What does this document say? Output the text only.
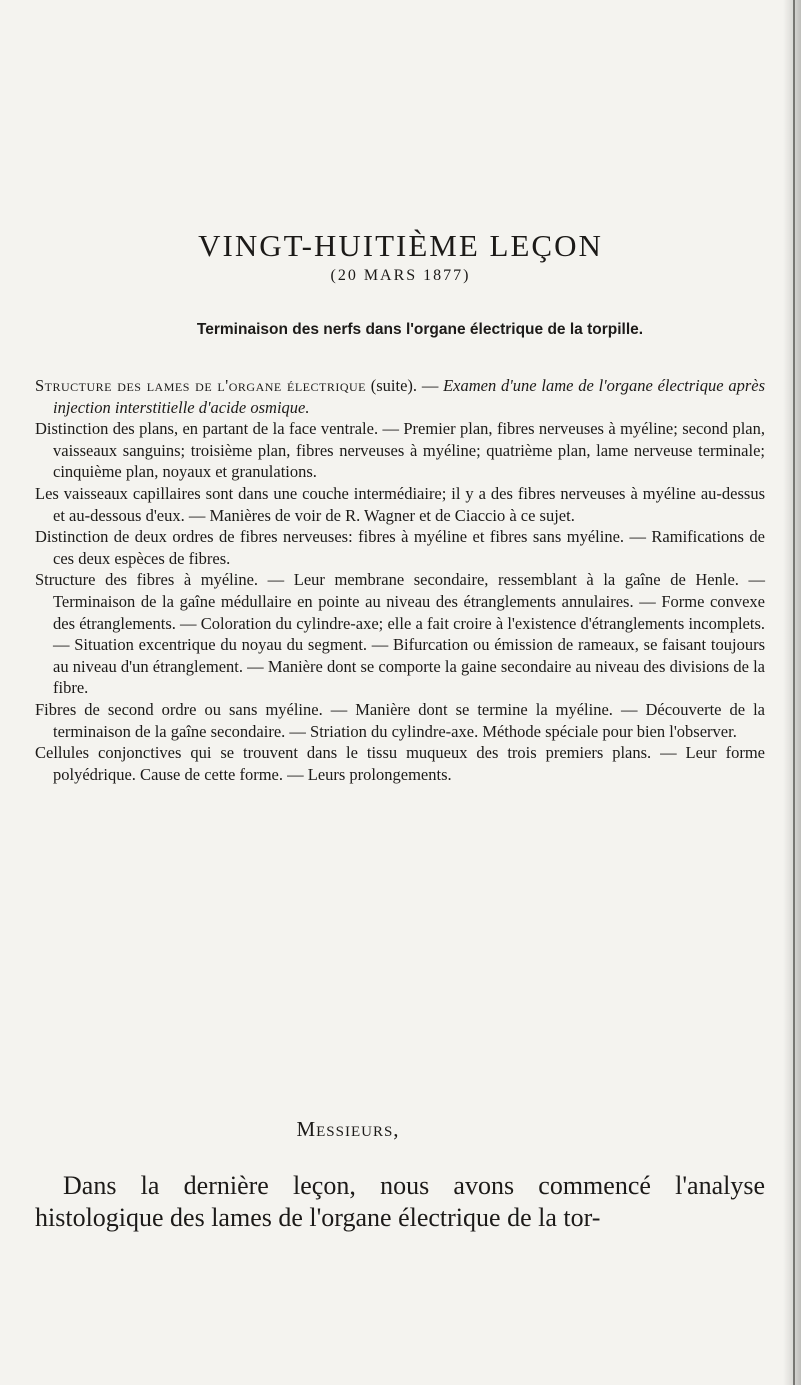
VINGT-HUITIÈME LEÇON
(20 MARS 1877)
Terminaison des nerfs dans l'organe électrique de la torpille.

Structure des lames de l'organe électrique (suite). — Examen d'une lame de l'organe électrique après injection interstitielle d'acide osmique.

Distinction des plans, en partant de la face ventrale. — Premier plan, fibres nerveuses à myéline; second plan, vaisseaux sanguins; troisième plan, fibres nerveuses à myéline; quatrième plan, lame nerveuse terminale; cinquième plan, noyaux et granulations.

Les vaisseaux capillaires sont dans une couche intermédiaire; il y a des fibres nerveuses à myéline au-dessus et au-dessous d'eux. — Manières de voir de R. Wagner et de Ciaccio à ce sujet.

Distinction de deux ordres de fibres nerveuses: fibres à myéline et fibres sans myéline. — Ramifications de ces deux espèces de fibres.

Structure des fibres à myéline. — Leur membrane secondaire, ressemblant à la gaîne de Henle. — Terminaison de la gaîne médullaire en pointe au niveau des étranglements annulaires. — Forme convexe des étranglements. — Coloration du cylindre-axe; elle a fait croire à l'existence d'étranglements incomplets. — Situation excentrique du noyau du segment. — Bifurcation ou émission de rameaux, se faisant toujours au niveau d'un étranglement. — Manière dont se comporte la gaine secondaire au niveau des divisions de la fibre.

Fibres de second ordre ou sans myéline. — Manière dont se termine la myéline. — Découverte de la terminaison de la gaîne secondaire. — Striation du cylindre-axe. Méthode spéciale pour bien l'observer.

Cellules conjonctives qui se trouvent dans le tissu muqueux des trois premiers plans. — Leur forme polyédrique. Cause de cette forme. — Leurs prolongements.

Messieurs,

Dans la dernière leçon, nous avons commencé l'analyse histologique des lames de l'organe électrique de la tor-
